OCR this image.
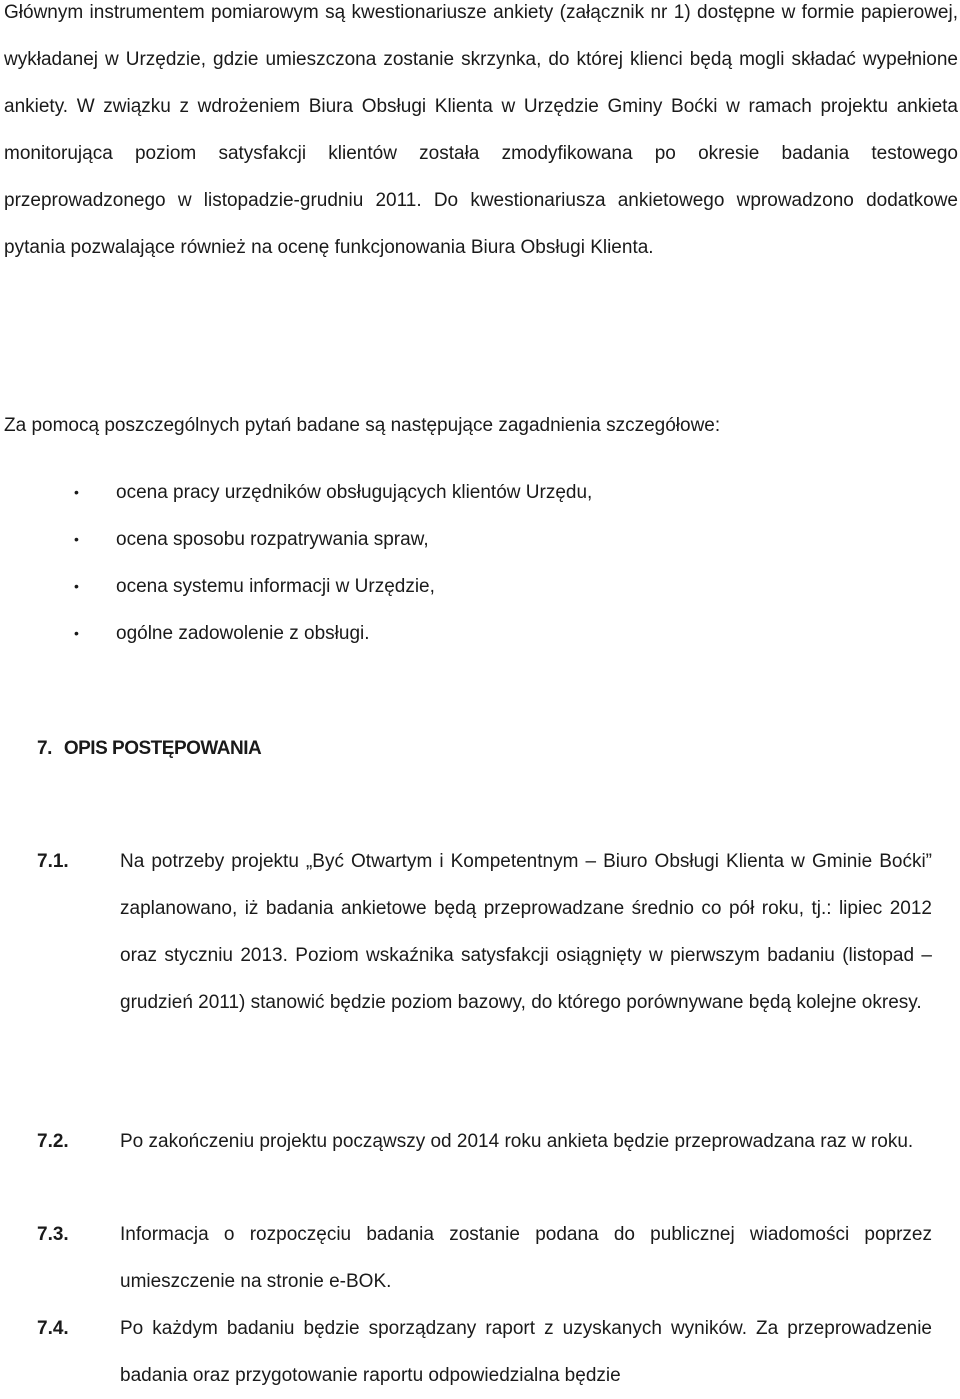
Głównym instrumentem pomiarowym są kwestionariusze ankiety (załącznik nr 1) dostępne w formie papierowej, wykładanej w Urzędzie, gdzie umieszczona zostanie skrzynka, do której klienci będą mogli składać wypełnione ankiety. W związku z wdrożeniem Biura Obsługi Klienta w Urzędzie Gminy Boćki w ramach projektu ankieta monitorująca poziom satysfakcji klientów została zmodyfikowana po okresie badania testowego przeprowadzonego w listopadzie-grudniu 2011. Do kwestionariusza ankietowego wprowadzono dodatkowe pytania pozwalające również na ocenę funkcjonowania Biura Obsługi Klienta.

Za pomocą poszczególnych pytań badane są następujące zagadnienia szczegółowe:

• ocena pracy urzędników obsługujących klientów Urzędu,
• ocena sposobu rozpatrywania spraw,
• ocena systemu informacji w Urzędzie,
• ogólne zadowolenie z obsługi.
7. OPIS POSTĘPOWANIA
7.1.	Na potrzeby projektu „Być Otwartym i Kompetentnym – Biuro Obsługi Klienta w Gminie Boćki” zaplanowano, iż badania ankietowe będą przeprowadzane średnio co pół roku, tj.: lipiec 2012 oraz styczniu 2013. Poziom wskaźnika satysfakcji osiągnięty w pierwszym badaniu (listopad – grudzień 2011) stanowić będzie poziom bazowy, do którego porównywane będą kolejne okresy.

7.2.	Po zakończeniu projektu począwszy od 2014 roku ankieta będzie przeprowadzana raz w roku.

7.3.	Informacja o rozpoczęciu badania zostanie podana do publicznej wiadomości poprzez umieszczenie na stronie e-BOK.

7.4.	Po każdym badaniu będzie sporządzany raport z uzyskanych wyników. Za przeprowadzenie badania oraz przygotowanie raportu odpowiedzialna będzie
